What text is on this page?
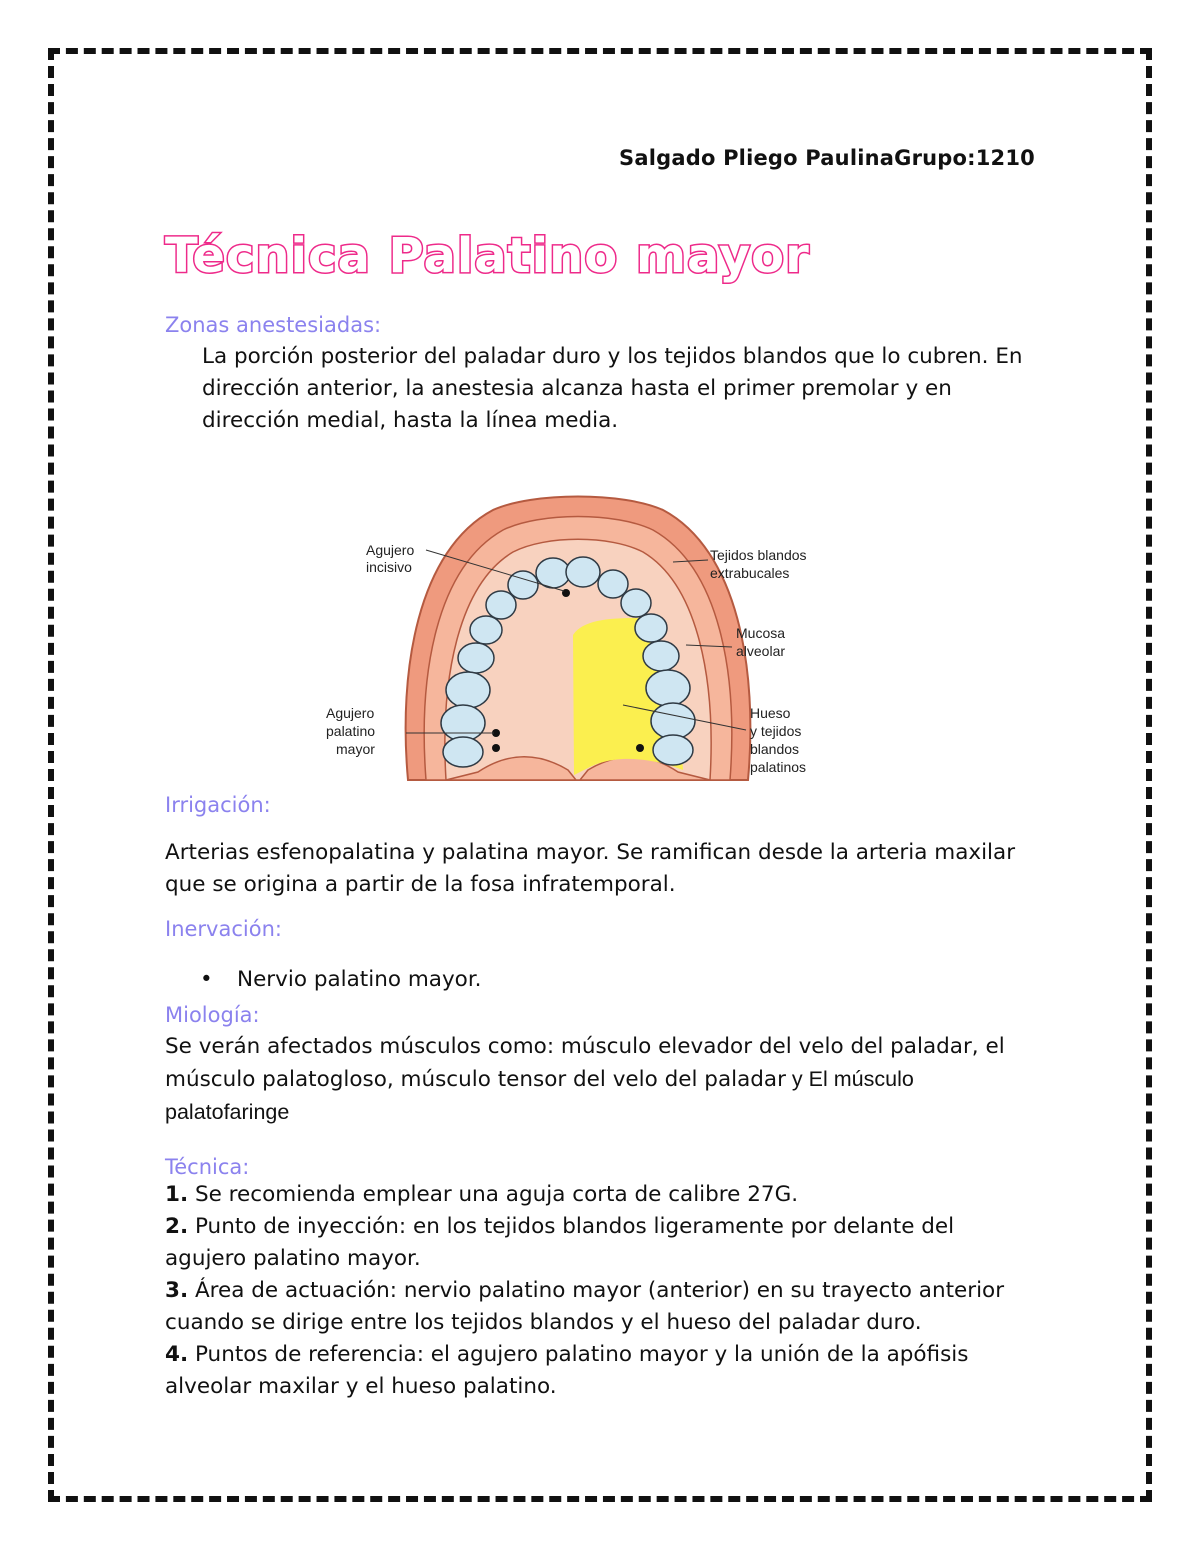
Salgado Pliego PaulinaGrupo:1210
Técnica Palatino mayor

Zonas anestesiadas:

La porción posterior del paladar duro y los tejidos blandos que lo cubren. En dirección anterior, la anestesia alcanza hasta el primer premolar y en dirección medial, hasta la línea media.

Agujero
incisivo
Agujero
palatino
mayor
Tejidos blandos
extrabucales
Mucosa
alveolar
Hueso
y tejidos
blandos
palatinos

Irrigación:

Arterias esfenopalatina y palatina mayor. Se ramifican desde la arteria maxilar que se origina a partir de la fosa infratemporal.

Inervación:

• Nervio palatino mayor.

Miología:

Se verán afectados músculos como: músculo elevador del velo del paladar, el músculo palatogloso, músculo tensor del velo del paladar y El músculo palatofaringe

Técnica:

1. Se recomienda emplear una aguja corta de calibre 27G.

2. Punto de inyección: en los tejidos blandos ligeramente por delante del agujero palatino mayor.

3. Área de actuación: nervio palatino mayor (anterior) en su trayecto anterior cuando se dirige entre los tejidos blandos y el hueso del paladar duro.

4. Puntos de referencia: el agujero palatino mayor y la unión de la apófisis alveolar maxilar y el hueso palatino.
